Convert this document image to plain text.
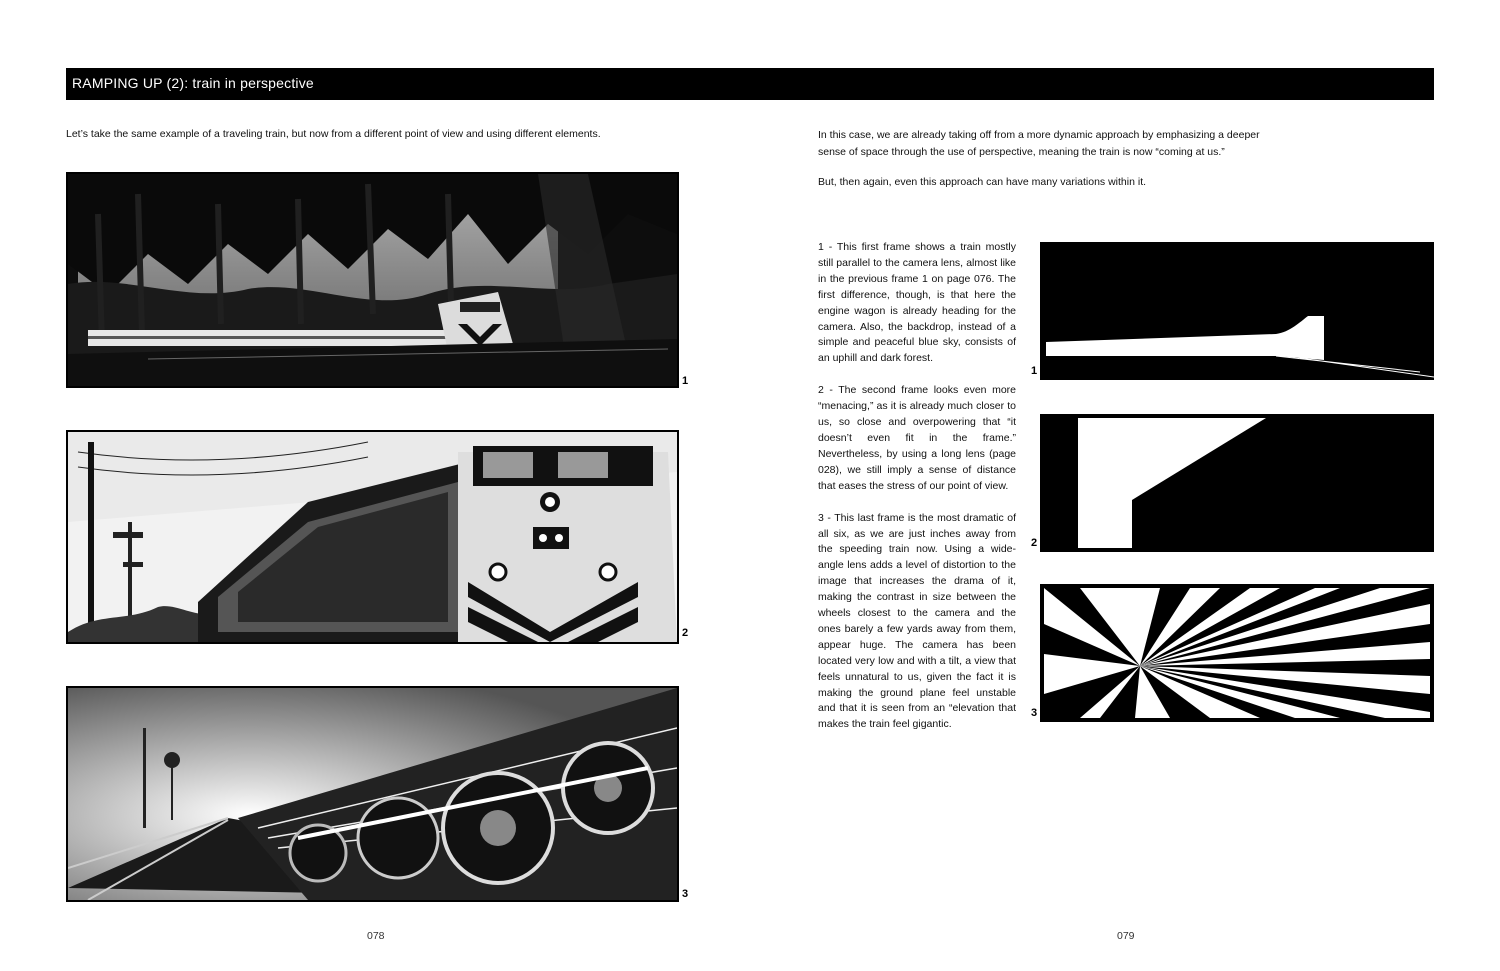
RAMPING UP (2): train in perspective
Let’s take the same example of a traveling train, but now from a different point of view and using different elements.
1
2
3
078

In this case, we are already taking off from a more dynamic approach by emphasizing a deeper sense of space through the use of perspective, meaning the train is now “coming at us.”

But, then again, even this approach can have many variations within it.

1 - This first frame shows a train mostly still parallel to the camera lens, almost like in the previous frame 1 on page 076. The first difference, though, is that here the engine wagon is already heading for the camera. Also, the backdrop, instead of a simple and peaceful blue sky, consists of an uphill and dark forest.

2 - The second frame looks even more “menacing,” as it is already much closer to us, so close and overpowering that “it doesn’t even fit in the frame.” Nevertheless, by using a long lens (page 028), we still imply a sense of distance that eases the stress of our point of view.

3 - This last frame is the most dramatic of all six, as we are just inches away from the speeding train now. Using a wide-angle lens adds a level of distortion to the image that increases the drama of it, making the contrast in size between the wheels closest to the camera and the ones barely a few yards away from them, appear huge. The camera has been located very low and with a tilt, a view that feels unnatural to us, given the fact it is making the ground plane feel unstable and that it is seen from an “elevation that makes the train feel gigantic.

1
2
3
079
